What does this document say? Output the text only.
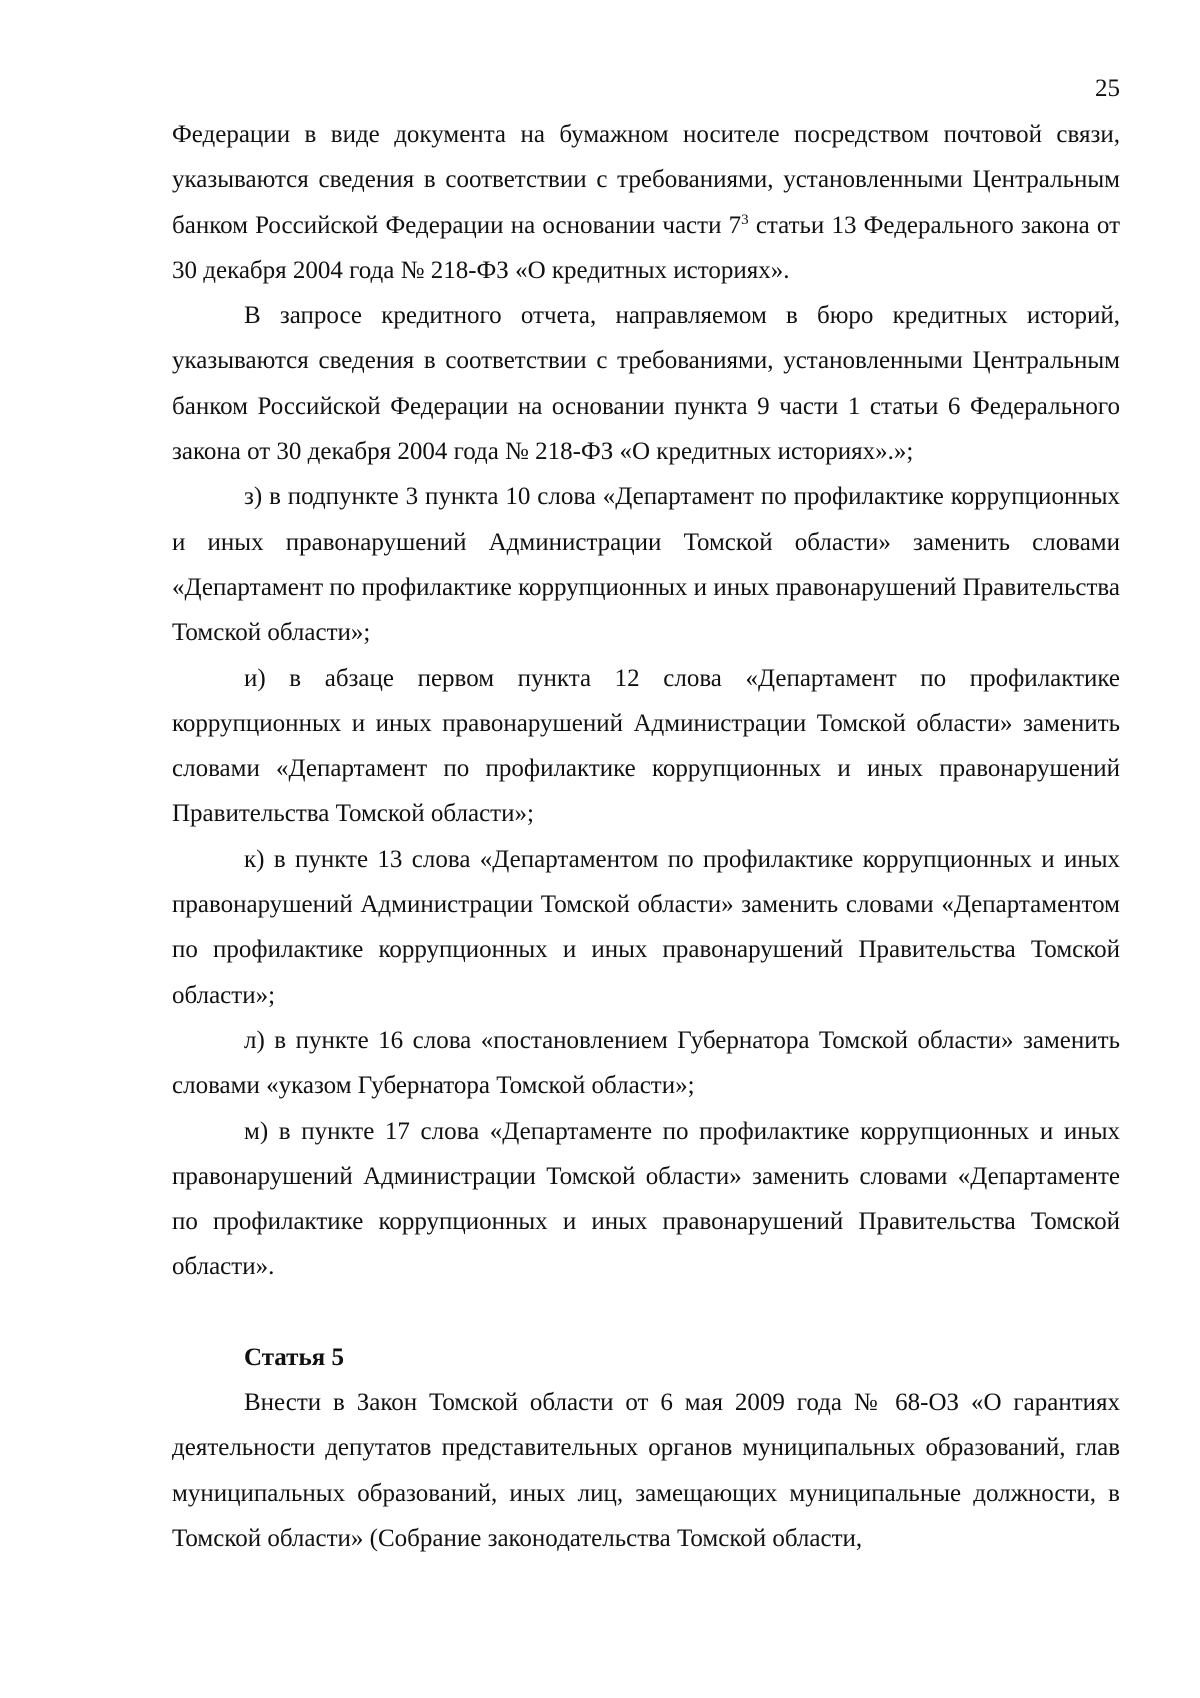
25

Федерации в виде документа на бумажном носителе посредством почтовой связи, указываются сведения в соответствии с требованиями, установленными Центральным банком Российской Федерации на основании части $7^3$ статьи 13 Федерального закона от 30 декабря 2004 года № 218-ФЗ «О кредитных историях».

В запросе кредитного отчета, направляемом в бюро кредитных историй, указываются сведения в соответствии с требованиями, установленными Центральным банком Российской Федерации на основании пункта 9 части 1 статьи 6 Федерального закона от 30 декабря 2004 года № 218-ФЗ «О кредитных историях».»;

з) в подпункте 3 пункта 10 слова «Департамент по профилактике коррупционных и иных правонарушений Администрации Томской области» заменить словами «Департамент по профилактике коррупционных и иных правонарушений Правительства Томской области»;

и) в абзаце первом пункта 12 слова «Департамент по профилактике коррупционных и иных правонарушений Администрации Томской области» заменить словами «Департамент по профилактике коррупционных и иных правонарушений Правительства Томской области»;

к) в пункте 13 слова «Департаментом по профилактике коррупционных и иных правонарушений Администрации Томской области» заменить словами «Департаментом по профилактике коррупционных и иных правонарушений Правительства Томской области»;

л) в пункте 16 слова «постановлением Губернатора Томской области» заменить словами «указом Губернатора Томской области»;

м) в пункте 17 слова «Департаменте по профилактике коррупционных и иных правонарушений Администрации Томской области» заменить словами «Департаменте по профилактике коррупционных и иных правонарушений Правительства Томской области».

Статья 5

Внести в Закон Томской области от 6 мая 2009 года № 68-ОЗ «О гарантиях деятельности депутатов представительных органов муниципальных образований, глав муниципальных образований, иных лиц, замещающих муниципальные должности, в Томской области» (Собрание законодательства Томской области,
